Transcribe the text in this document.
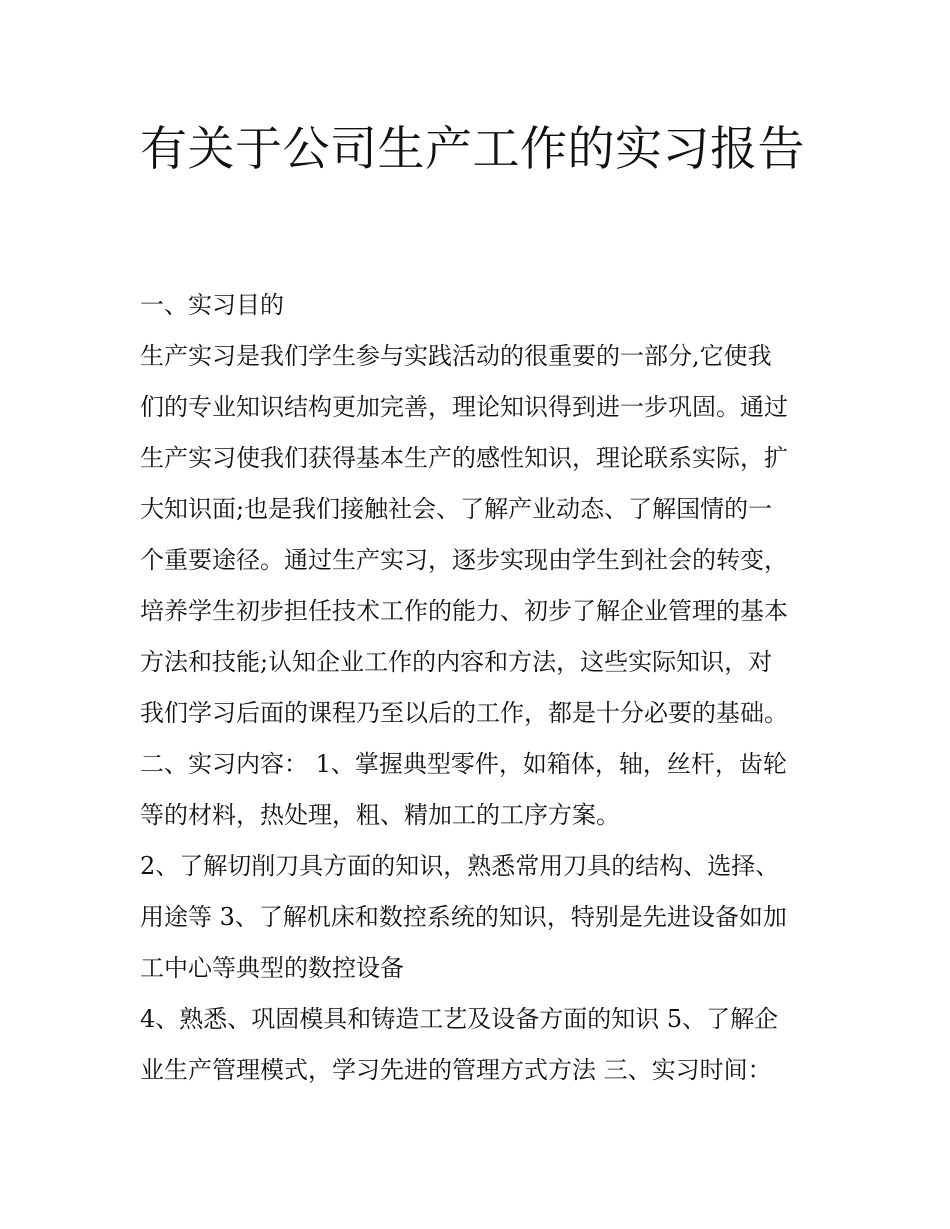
有关于公司生产工作的实习报告
一、实习目的
生产实习是我们学生参与实践活动的很重要的一部分,它使我
们的专业知识结构更加完善，理论知识得到进一步巩固。通过
生产实习使我们获得基本生产的感性知识，理论联系实际，扩
大知识面;也是我们接触社会、了解产业动态、了解国情的一
个重要途径。通过生产实习，逐步实现由学生到社会的转变，
培养学生初步担任技术工作的能力、初步了解企业管理的基本
方法和技能;认知企业工作的内容和方法，这些实际知识，对
我们学习后面的课程乃至以后的工作，都是十分必要的基础。
二、实习内容： 1、掌握典型零件，如箱体，轴，丝杆，齿轮
等的材料，热处理，粗、精加工的工序方案。
2、了解切削刀具方面的知识，熟悉常用刀具的结构、选择、
用途等 3、了解机床和数控系统的知识，特别是先进设备如加
工中心等典型的数控设备
4、熟悉、巩固模具和铸造工艺及设备方面的知识 5、了解企
业生产管理模式，学习先进的管理方式方法 三、实习时间：
